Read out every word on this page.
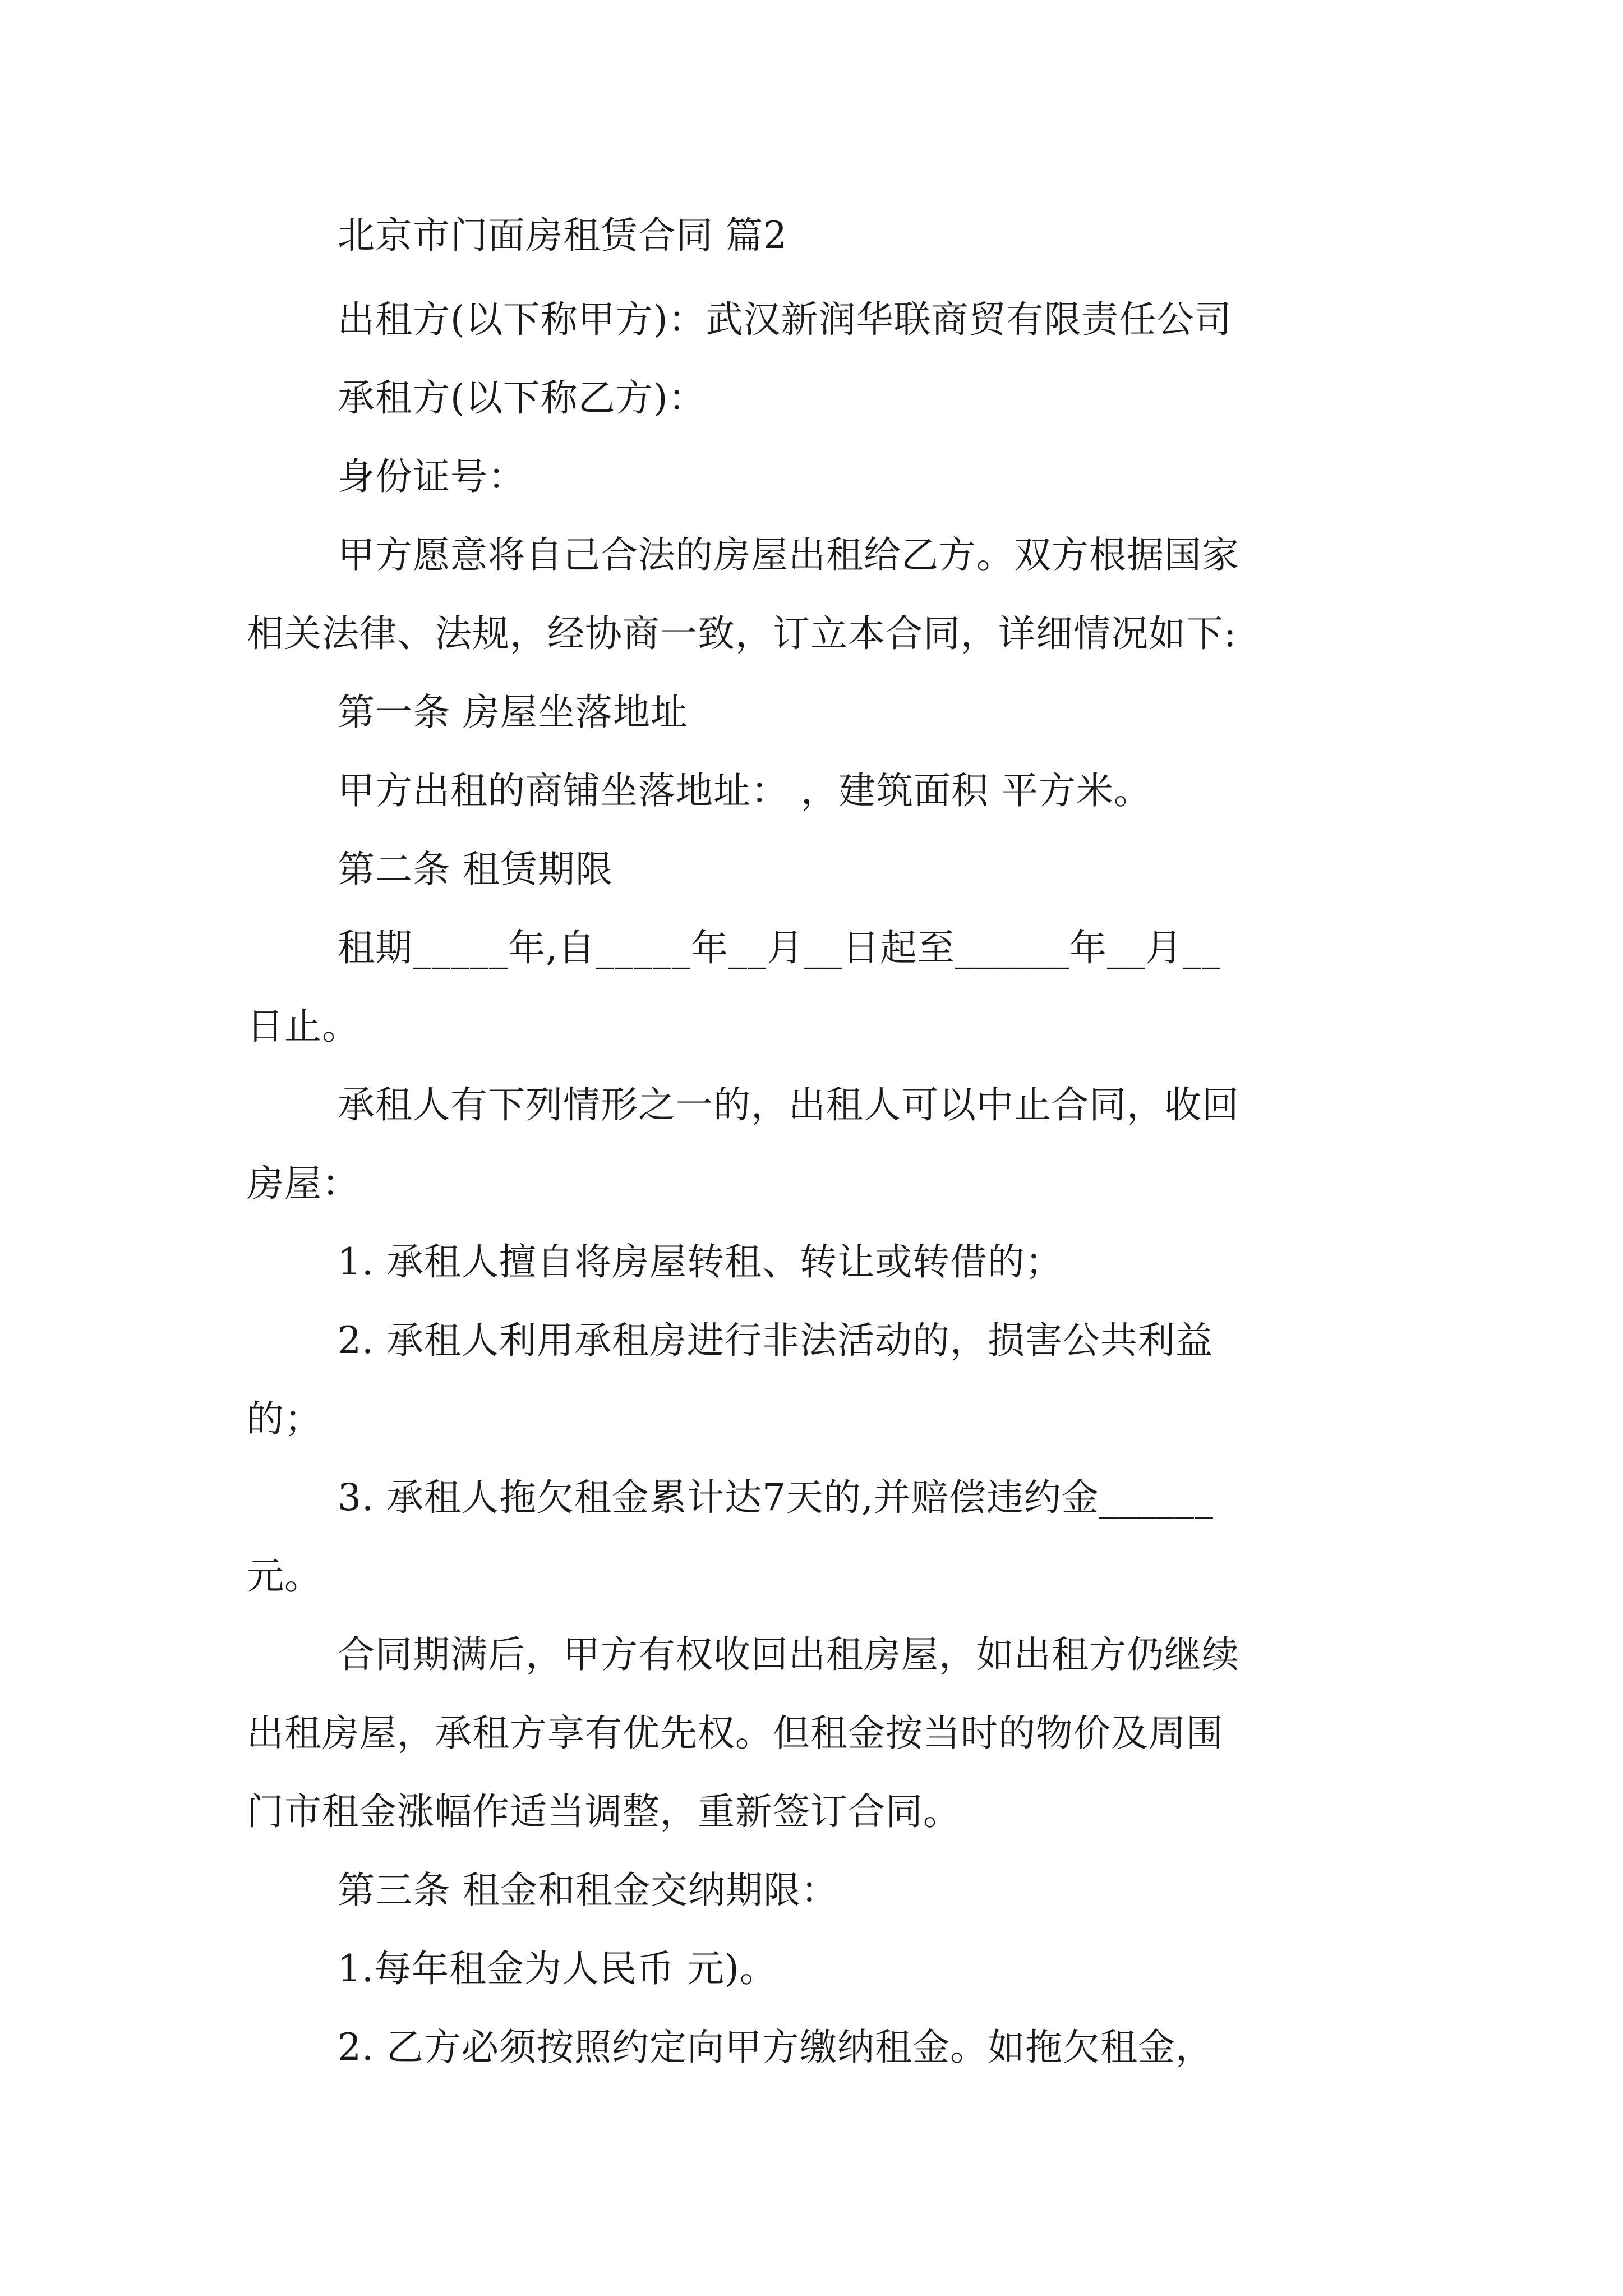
北京市门面房租赁合同 篇2
出租方(以下称甲方)：武汉新润华联商贸有限责任公司
承租方(以下称乙方)：
身份证号：
甲方愿意将自己合法的房屋出租给乙方。双方根据国家
相关法律、法规，经协商一致，订立本合同，详细情况如下:
第一条 房屋坐落地址
甲方出租的商铺坐落地址： ，建筑面积 平方米。
第二条 租赁期限
租期_____年,自_____年__月__日起至______年__月__
日止。
承租人有下列情形之一的，出租人可以中止合同，收回
房屋：
1. 承租人擅自将房屋转租、转让或转借的；
2. 承租人利用承租房进行非法活动的，损害公共利益
的；
3. 承租人拖欠租金累计达7天的,并赔偿违约金______
元。
合同期满后，甲方有权收回出租房屋，如出租方仍继续
出租房屋，承租方享有优先权。但租金按当时的物价及周围
门市租金涨幅作适当调整，重新签订合同。
第三条 租金和租金交纳期限：
1.每年租金为人民币 元)。
2. 乙方必须按照约定向甲方缴纳租金。如拖欠租金，
